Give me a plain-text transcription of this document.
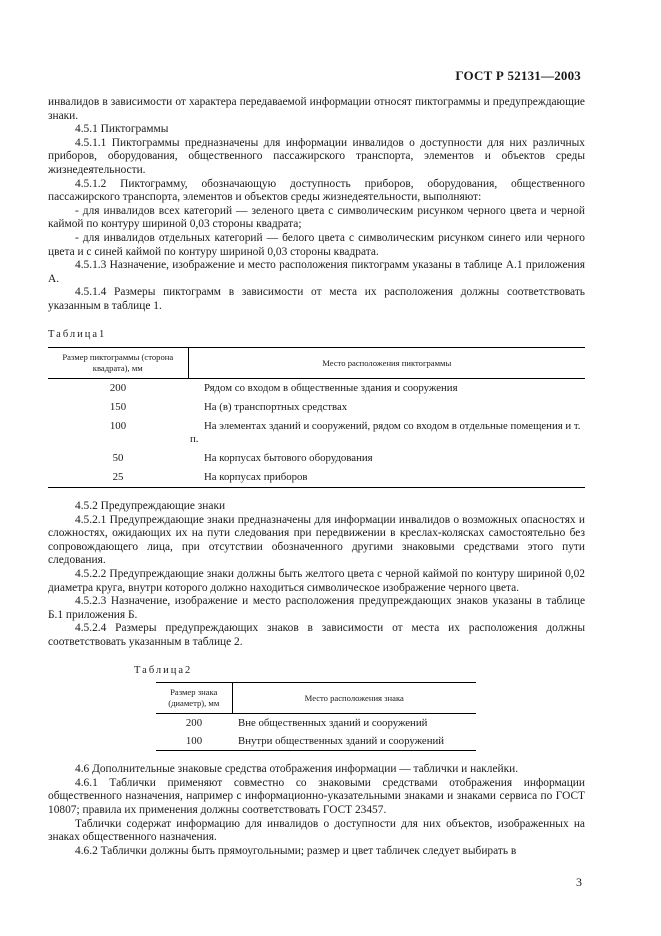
ГОСТ Р 52131—2003

инвалидов в зависимости от характера передаваемой информации относят пиктограммы и предупреждающие знаки.

4.5.1 Пиктограммы

4.5.1.1 Пиктограммы предназначены для информации инвалидов о доступности для них различных приборов, оборудования, общественного пассажирского транспорта, элементов и объектов среды жизнедеятельности.

4.5.1.2 Пиктограмму, обозначающую доступность приборов, оборудования, общественного пассажирского транспорта, элементов и объектов среды жизнедеятельности, выполняют:

- для инвалидов всех категорий — зеленого цвета с символическим рисунком черного цвета и черной каймой по контуру шириной 0,03 стороны квадрата;

- для инвалидов отдельных категорий — белого цвета с символическим рисунком синего или черного цвета и с синей каймой по контуру шириной 0,03 стороны квадрата.

4.5.1.3 Назначение, изображение и место расположения пиктограмм указаны в таблице А.1 приложения А.

4.5.1.4 Размеры пиктограмм в зависимости от места их расположения должны соответствовать указанным в таблице 1.

Таблица1
Размер пиктограммы (сторона квадрата), мм	Место расположения пиктограммы
200	Рядом со входом в общественные здания и сооружения
150	На (в) транспортных средствах
100	На элементах зданий и сооружений, рядом со входом в отдельные помещения и т. п.
50	На корпусах бытового оборудования
25	На корпусах приборов

4.5.2 Предупреждающие знаки

4.5.2.1 Предупреждающие знаки предназначены для информации инвалидов о возможных опасностях и сложностях, ожидающих их на пути следования при передвижении в креслах-колясках самостоятельно без сопровождающего лица, при отсутствии обозначенного другими знаковыми средствами этого пути следования.

4.5.2.2 Предупреждающие знаки должны быть желтого цвета с черной каймой по контуру шириной 0,02 диаметра круга, внутри которого должно находиться символическое изображение черного цвета.

4.5.2.3 Назначение, изображение и место расположения предупреждающих знаков указаны в таблице Б.1 приложения Б.

4.5.2.4 Размеры предупреждающих знаков в зависимости от места их расположения должны соответствовать указанным в таблице 2.

Таблица2
Размер знака (диаметр), мм	Место расположения знака
200	Вне общественных зданий и сооружений
100	Внутри общественных зданий и сооружений

4.6 Дополнительные знаковые средства отображения информации — таблички и наклейки.

4.6.1 Таблички применяют совместно со знаковыми средствами отображения информации общественного назначения, например с информационно-указательными знаками и знаками сервиса по ГОСТ 10807; правила их применения должны соответствовать ГОСТ 23457.

Таблички содержат информацию для инвалидов о доступности для них объектов, изображенных на знаках общественного назначения.

4.6.2 Таблички должны быть прямоугольными; размер и цвет табличек следует выбирать в

3
